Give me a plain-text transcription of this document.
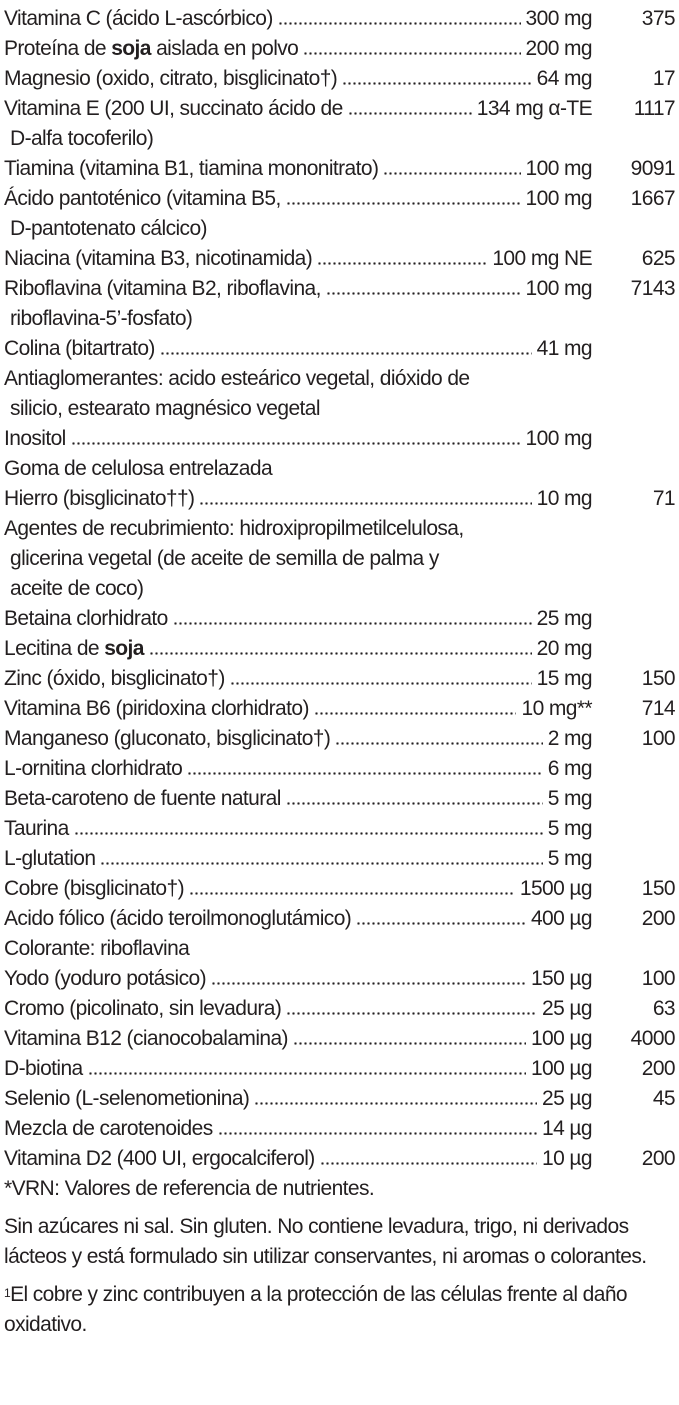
Vitamina C (ácido L-ascórbico)	300 mg	375
Proteína de soja aislada en polvo	200 mg
Magnesio (oxido, citrato, bisglicinato†)	64 mg	17
Vitamina E (200 UI, succinato ácido de	134 mg α-TE	1117
D-alfa tocoferilo)
Tiamina (vitamina B1, tiamina mononitrato)	100 mg	9091
Ácido pantoténico (vitamina B5,	100 mg	1667
D-pantotenato cálcico)
Niacina (vitamina B3, nicotinamida)	100 mg NE	625
Riboflavina (vitamina B2, riboflavina,	100 mg	7143
riboflavina-5’-fosfato)
Colina (bitartrato)	41 mg
Antiaglomerantes: acido esteárico vegetal, dióxido de
silicio, estearato magnésico vegetal
Inositol	100 mg
Goma de celulosa entrelazada
Hierro (bisglicinato††)	10 mg	71
Agentes de recubrimiento: hidroxipropilmetilcelulosa,
glicerina vegetal (de aceite de semilla de palma y
aceite de coco)
Betaina clorhidrato	25 mg
Lecitina de soja	20 mg
Zinc (óxido, bisglicinato†)	15 mg	150
Vitamina B6 (piridoxina clorhidrato)	10 mg**	714
Manganeso (gluconato, bisglicinato†)	2 mg	100
L-ornitina clorhidrato	6 mg
Beta-caroteno de fuente natural	5 mg
Taurina	5 mg
L-glutation	5 mg
Cobre (bisglicinato†)	1500 µg	150
Acido fólico (ácido teroilmonoglutámico)	400 µg	200
Colorante: riboflavina
Yodo (yoduro potásico)	150 µg	100
Cromo (picolinato, sin levadura)	25 µg	63
Vitamina B12 (cianocobalamina)	100 µg	4000
D-biotina	100 µg	200
Selenio (L-selenometionina)	25 µg	45
Mezcla de carotenoides	14 µg
Vitamina D2 (400 UI, ergocalciferol)	10 µg	200
*VRN: Valores de referencia de nutrientes.
Sin azúcares ni sal. Sin gluten. No contiene levadura, trigo, ni derivados lácteos y está formulado sin utilizar conservantes, ni aromas o colorantes.
$^1$El cobre y zinc contribuyen a la protección de las células frente al daño oxidativo.
